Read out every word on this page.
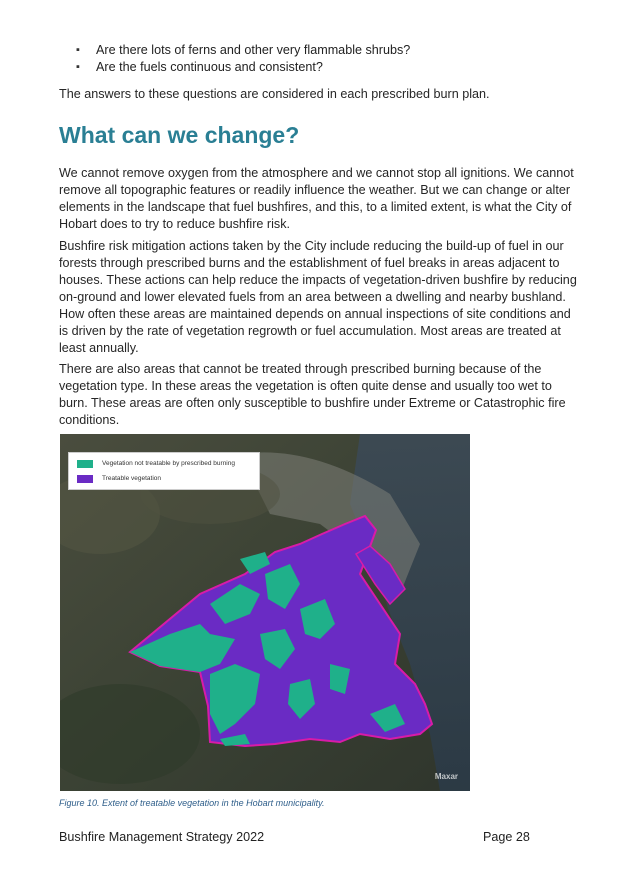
▪ Are there lots of ferns and other very flammable shrubs?
▪ Are the fuels continuous and consistent?

The answers to these questions are considered in each prescribed burn plan.

What can we change?

We cannot remove oxygen from the atmosphere and we cannot stop all ignitions. We cannot remove all topographic features or readily influence the weather. But we can change or alter elements in the landscape that fuel bushfires, and this, to a limited extent, is what the City of Hobart does to try to reduce bushfire risk.

Bushfire risk mitigation actions taken by the City include reducing the build-up of fuel in our forests through prescribed burns and the establishment of fuel breaks in areas adjacent to houses. These actions can help reduce the impacts of vegetation-driven bushfire by reducing on-ground and lower elevated fuels from an area between a dwelling and nearby bushland. How often these areas are maintained depends on annual inspections of site conditions and is driven by the rate of vegetation regrowth or fuel accumulation. Most areas are treated at least annually.

There are also areas that cannot be treated through prescribed burning because of the vegetation type. In these areas the vegetation is often quite dense and usually too wet to burn. These areas are often only susceptible to bushfire under Extreme or Catastrophic fire conditions.

Vegetation not treatable by prescribed burning
Treatable vegetation
Maxar

Figure 10. Extent of treatable vegetation in the Hobart municipality.

Bushfire Management Strategy 2022	Page 28
